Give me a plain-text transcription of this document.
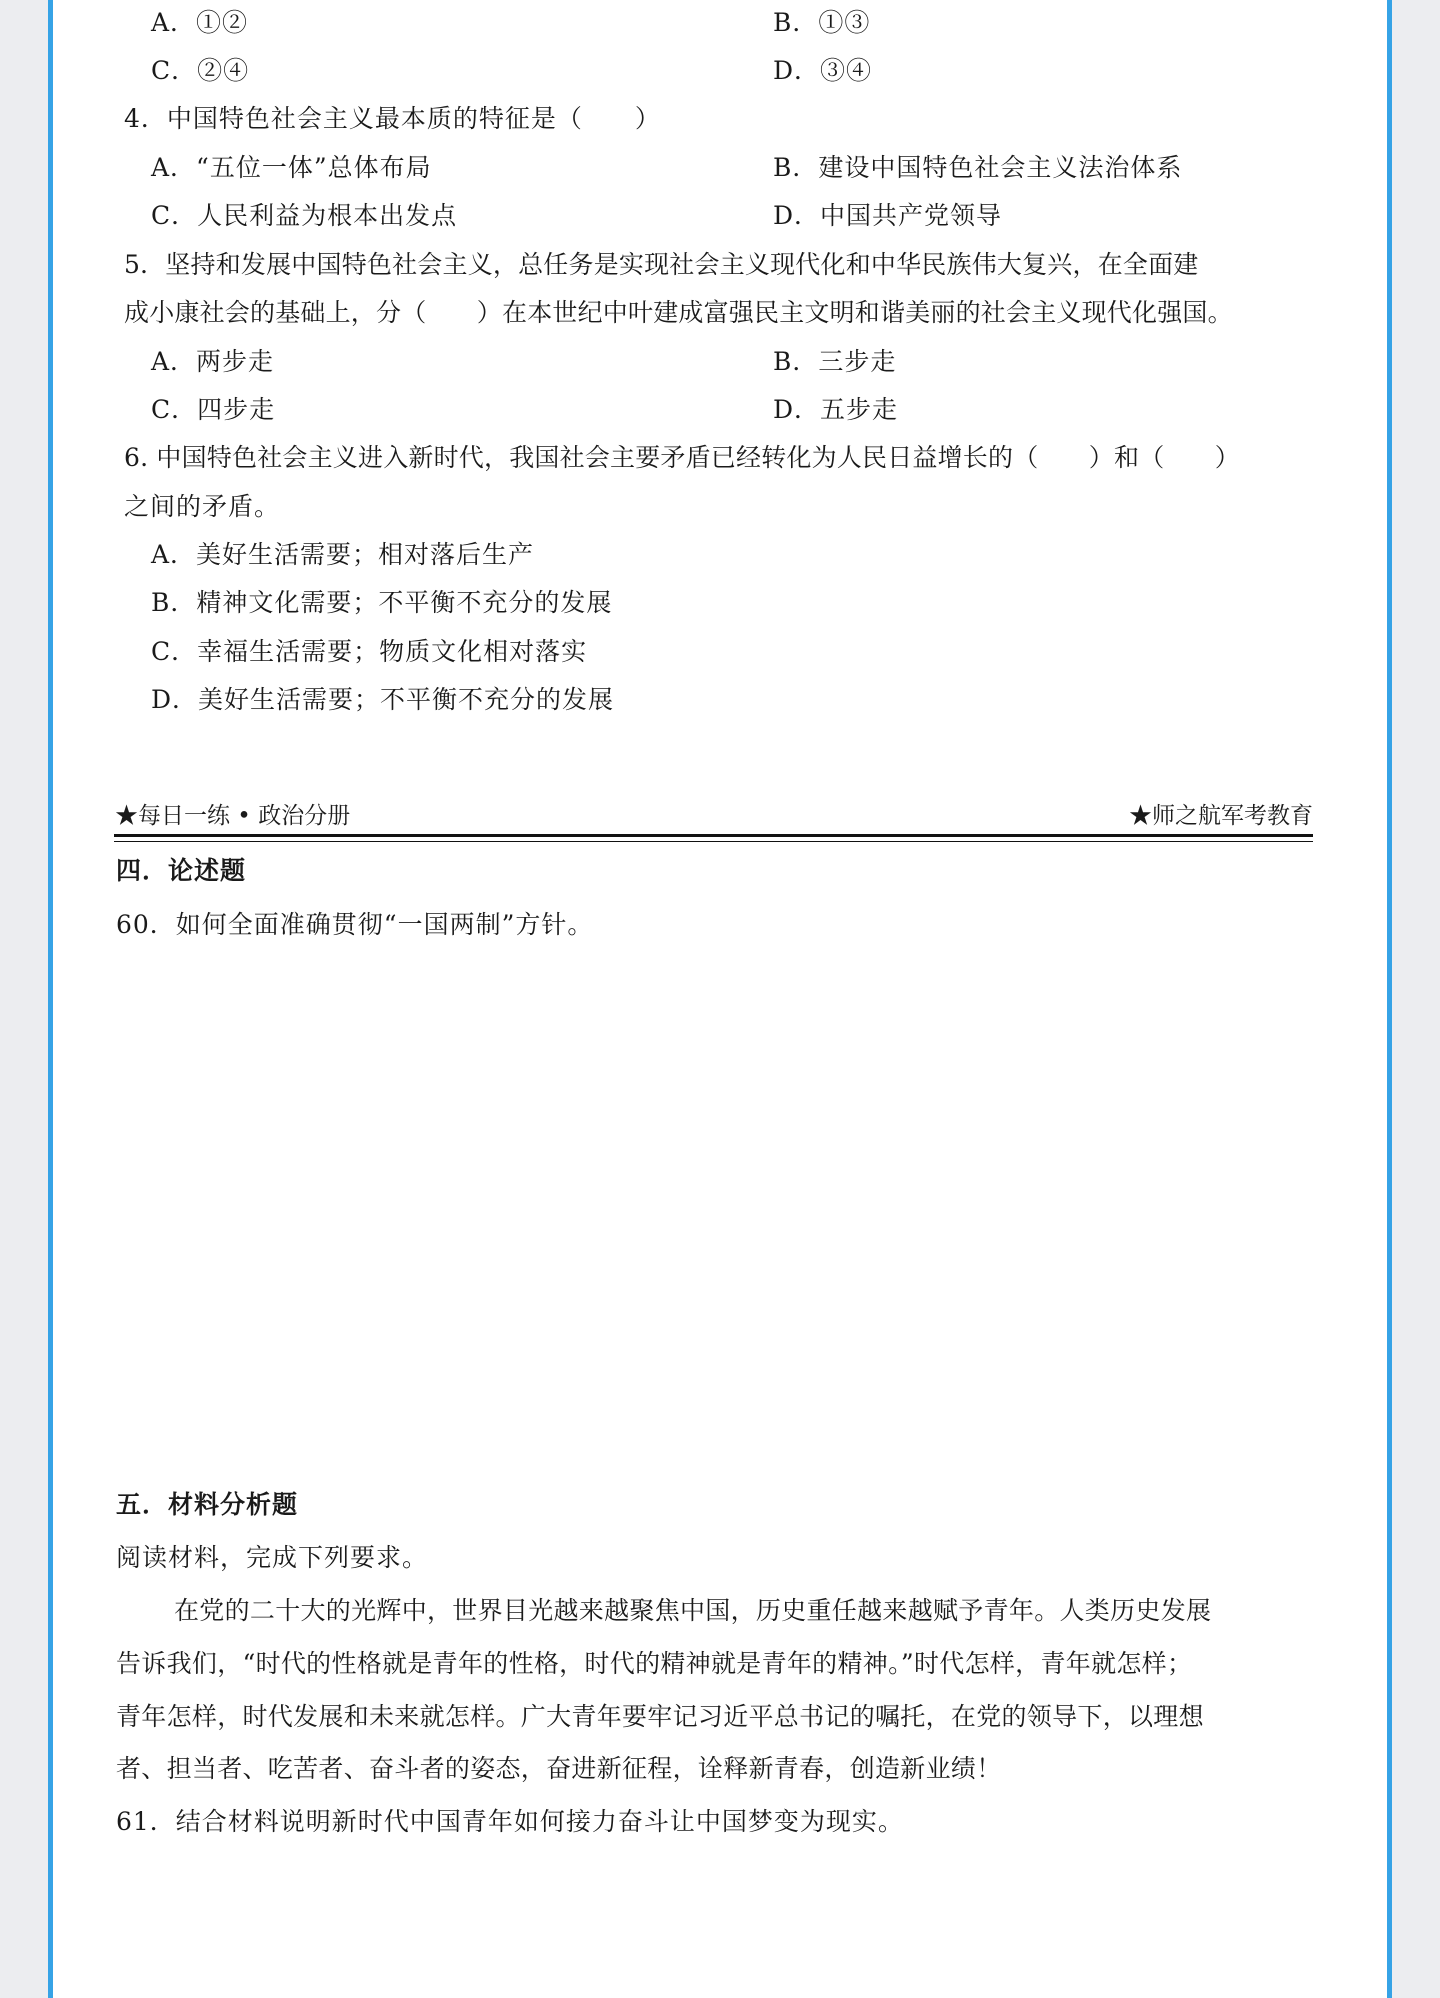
A．①②	B．①③
C．②④	D．③④
4．中国特色社会主义最本质的特征是（　　）
A．“五位一体”总体布局	B．建设中国特色社会主义法治体系
C．人民利益为根本出发点	D．中国共产党领导
5．坚持和发展中国特色社会主义，总任务是实现社会主义现代化和中华民族伟大复兴，在全面建
成小康社会的基础上，分（　　）在本世纪中叶建成富强民主文明和谐美丽的社会主义现代化强国。
A．两步走	B．三步走
C．四步走	D．五步走
6. 中国特色社会主义进入新时代，我国社会主要矛盾已经转化为人民日益增长的（　　）和（　　）
之间的矛盾。
A．美好生活需要；相对落后生产
B．精神文化需要；不平衡不充分的发展
C．幸福生活需要；物质文化相对落实
D．美好生活需要；不平衡不充分的发展
★每日一练 • 政治分册	★师之航军考教育
四．论述题
60．如何全面准确贯彻“一国两制”方针。
五．材料分析题
阅读材料，完成下列要求。
在党的二十大的光辉中，世界目光越来越聚焦中国，历史重任越来越赋予青年。人类历史发展
告诉我们，“时代的性格就是青年的性格，时代的精神就是青年的精神。”时代怎样，青年就怎样；
青年怎样，时代发展和未来就怎样。广大青年要牢记习近平总书记的嘱托，在党的领导下，以理想
者、担当者、吃苦者、奋斗者的姿态，奋进新征程，诠释新青春，创造新业绩！
61．结合材料说明新时代中国青年如何接力奋斗让中国梦变为现实。
